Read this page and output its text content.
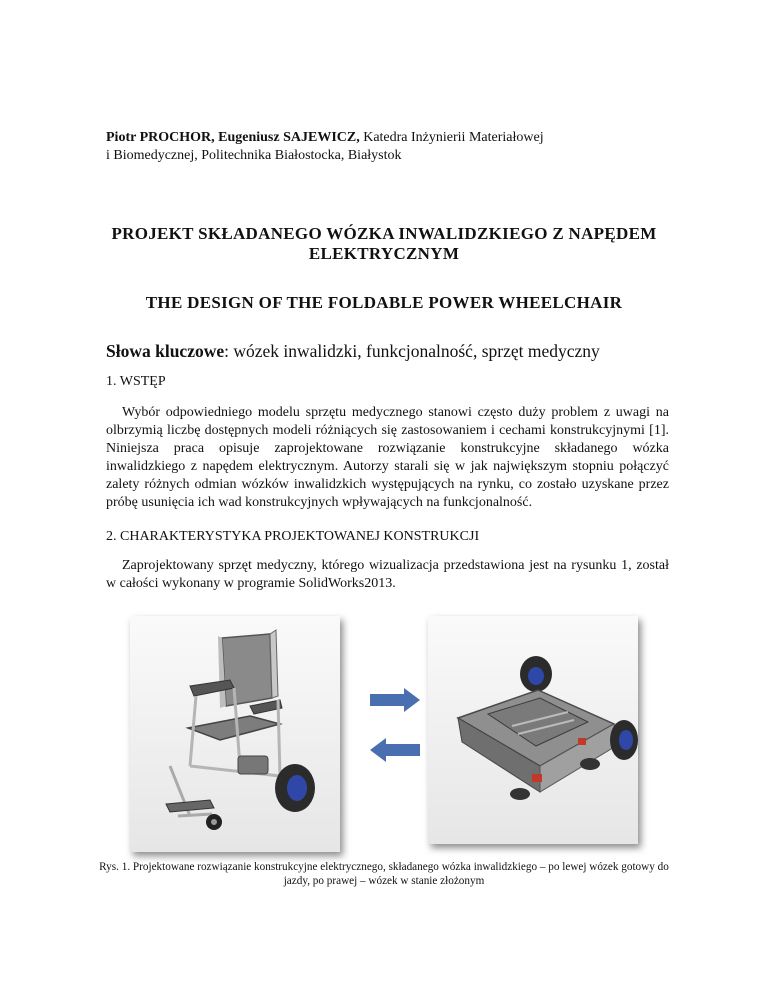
Piotr PROCHOR, Eugeniusz SAJEWICZ, Katedra Inżynierii Materiałowej
i Biomedycznej, Politechnika Białostocka, Białystok
PROJEKT SKŁADANEGO WÓZKA INWALIDZKIEGO Z NAPĘDEM ELEKTRYCZNYM
THE DESIGN OF THE FOLDABLE POWER WHEELCHAIR
Słowa kluczowe: wózek inwalidzki, funkcjonalność, sprzęt medyczny
1. WSTĘP
Wybór odpowiedniego modelu sprzętu medycznego stanowi często duży problem z uwagi na olbrzymią liczbę dostępnych modeli różniących się zastosowaniem i cechami konstrukcyjnymi [1]. Niniejsza praca opisuje zaprojektowane rozwiązanie konstrukcyjne składanego wózka inwalidzkiego z napędem elektrycznym. Autorzy starali się w jak największym stopniu połączyć zalety różnych odmian wózków inwalidzkich występujących na rynku, co zostało uzyskane przez próbę usunięcia ich wad konstrukcyjnych wpływających na funkcjonalność.
2. CHARAKTERYSTYKA PROJEKTOWANEJ KONSTRUKCJI
Zaprojektowany sprzęt medyczny, którego wizualizacja przedstawiona jest na rysunku 1, został w całości wykonany w programie SolidWorks2013.
Rys. 1. Projektowane rozwiązanie konstrukcyjne elektrycznego, składanego wózka inwalidzkiego – po lewej wózek gotowy do jazdy, po prawej – wózek w stanie złożonym
